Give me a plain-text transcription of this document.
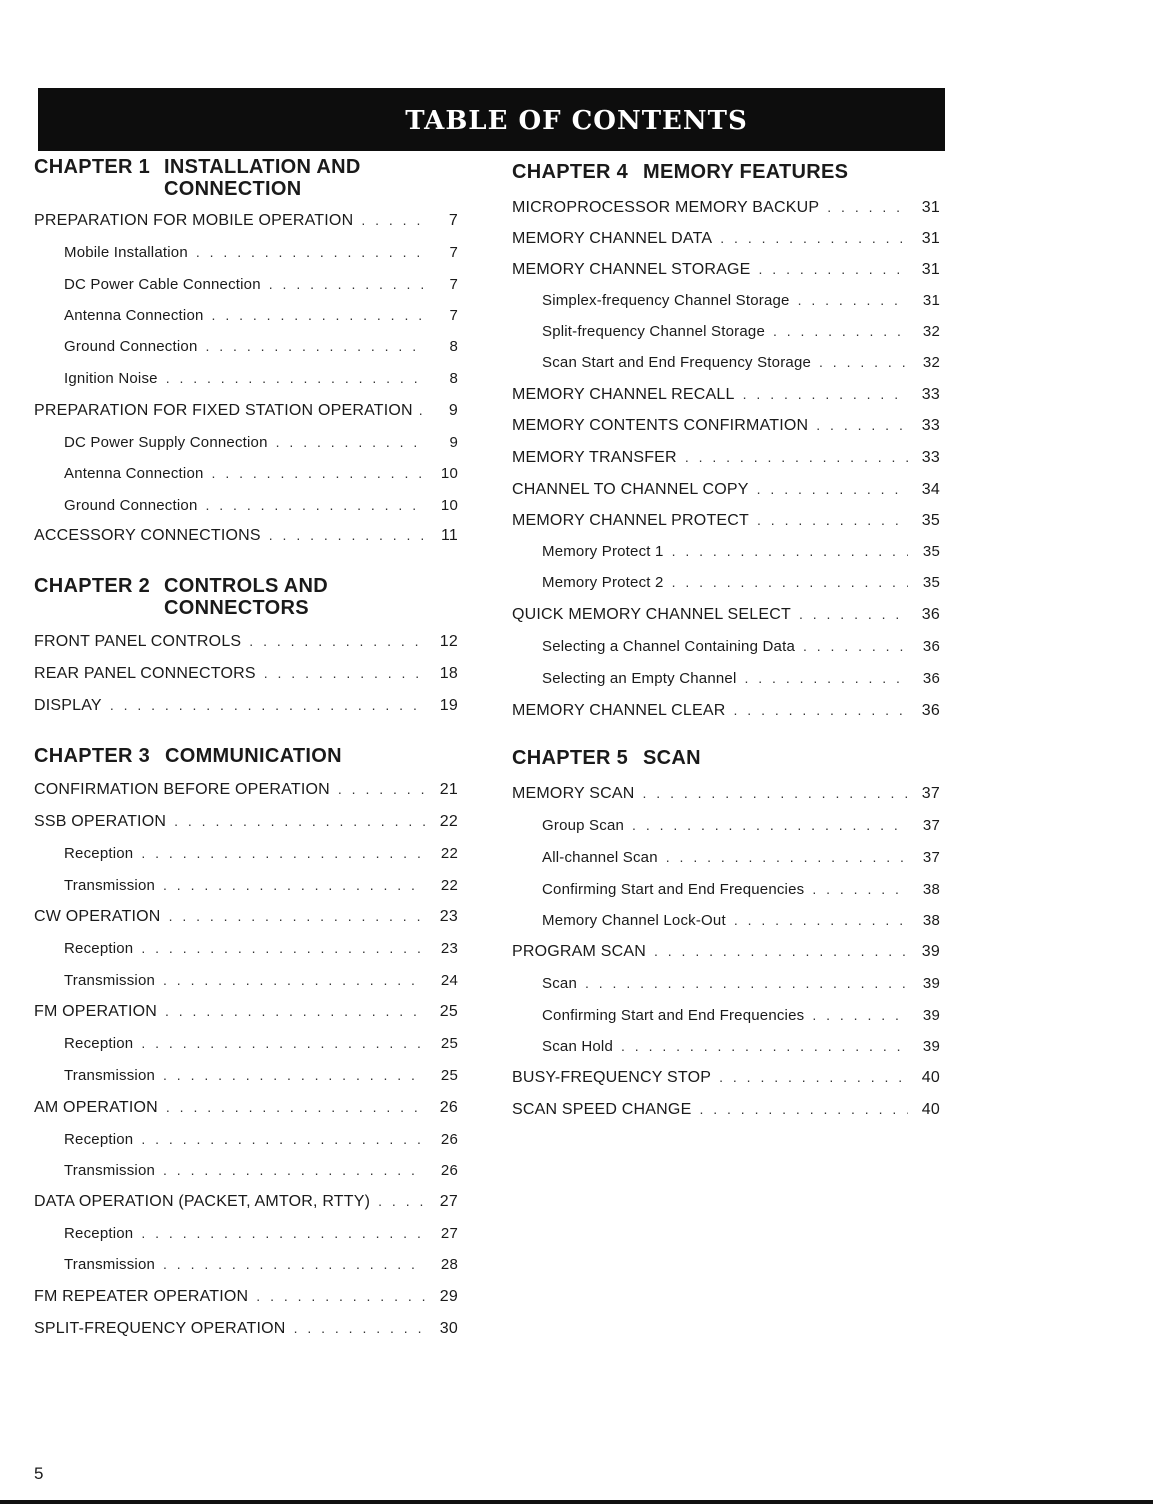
TABLE OF CONTENTS
CHAPTER 1 INSTALLATION AND
CONNECTION
PREPARATION FOR MOBILE OPERATION . . .	7
Mobile Installation . . .	7
DC Power Cable Connection . . .	7
Antenna Connection . . .	7
Ground Connection . . .	8
Ignition Noise . . .	8
PREPARATION FOR FIXED STATION OPERATION . . .	9
DC Power Supply Connection . . .	9
Antenna Connection . . .	10
Ground Connection . . .	10
ACCESSORY CONNECTIONS . . .	11
CHAPTER 2 CONTROLS AND
CONNECTORS
FRONT PANEL CONTROLS . . .	12
REAR PANEL CONNECTORS . . .	18
DISPLAY . . .	19
CHAPTER 3 COMMUNICATION
CONFIRMATION BEFORE OPERATION . . .	21
SSB OPERATION . . .	22
Reception . . .	22
Transmission . . .	22
CW OPERATION . . .	23
Reception . . .	23
Transmission . . .	24
FM OPERATION . . .	25
Reception . . .	25
Transmission . . .	25
AM OPERATION . . .	26
Reception . . .	26
Transmission . . .	26
DATA OPERATION (PACKET, AMTOR, RTTY) . . .	27
Reception . . .	27
Transmission . . .	28
FM REPEATER OPERATION . . .	29
SPLIT-FREQUENCY OPERATION . . .	30
CHAPTER 4 MEMORY FEATURES
MICROPROCESSOR MEMORY BACKUP . . .	31
MEMORY CHANNEL DATA . . .	31
MEMORY CHANNEL STORAGE . . .	31
Simplex-frequency Channel Storage . . .	31
Split-frequency Channel Storage . . .	32
Scan Start and End Frequency Storage . . .	32
MEMORY CHANNEL RECALL . . .	33
MEMORY CONTENTS CONFIRMATION . . .	33
MEMORY TRANSFER . . .	33
CHANNEL TO CHANNEL COPY . . .	34
MEMORY CHANNEL PROTECT . . .	35
Memory Protect 1 . . .	35
Memory Protect 2 . . .	35
QUICK MEMORY CHANNEL SELECT . . .	36
Selecting a Channel Containing Data . . .	36
Selecting an Empty Channel . . .	36
MEMORY CHANNEL CLEAR . . .	36
CHAPTER 5 SCAN
MEMORY SCAN . . .	37
Group Scan . . .	37
All-channel Scan . . .	37
Confirming Start and End Frequencies . . .	38
Memory Channel Lock-Out . . .	38
PROGRAM SCAN . . .	39
Scan . . .	39
Confirming Start and End Frequencies . . .	39
Scan Hold . . .	39
BUSY-FREQUENCY STOP . . .	40
SCAN SPEED CHANGE . . .	40
5
